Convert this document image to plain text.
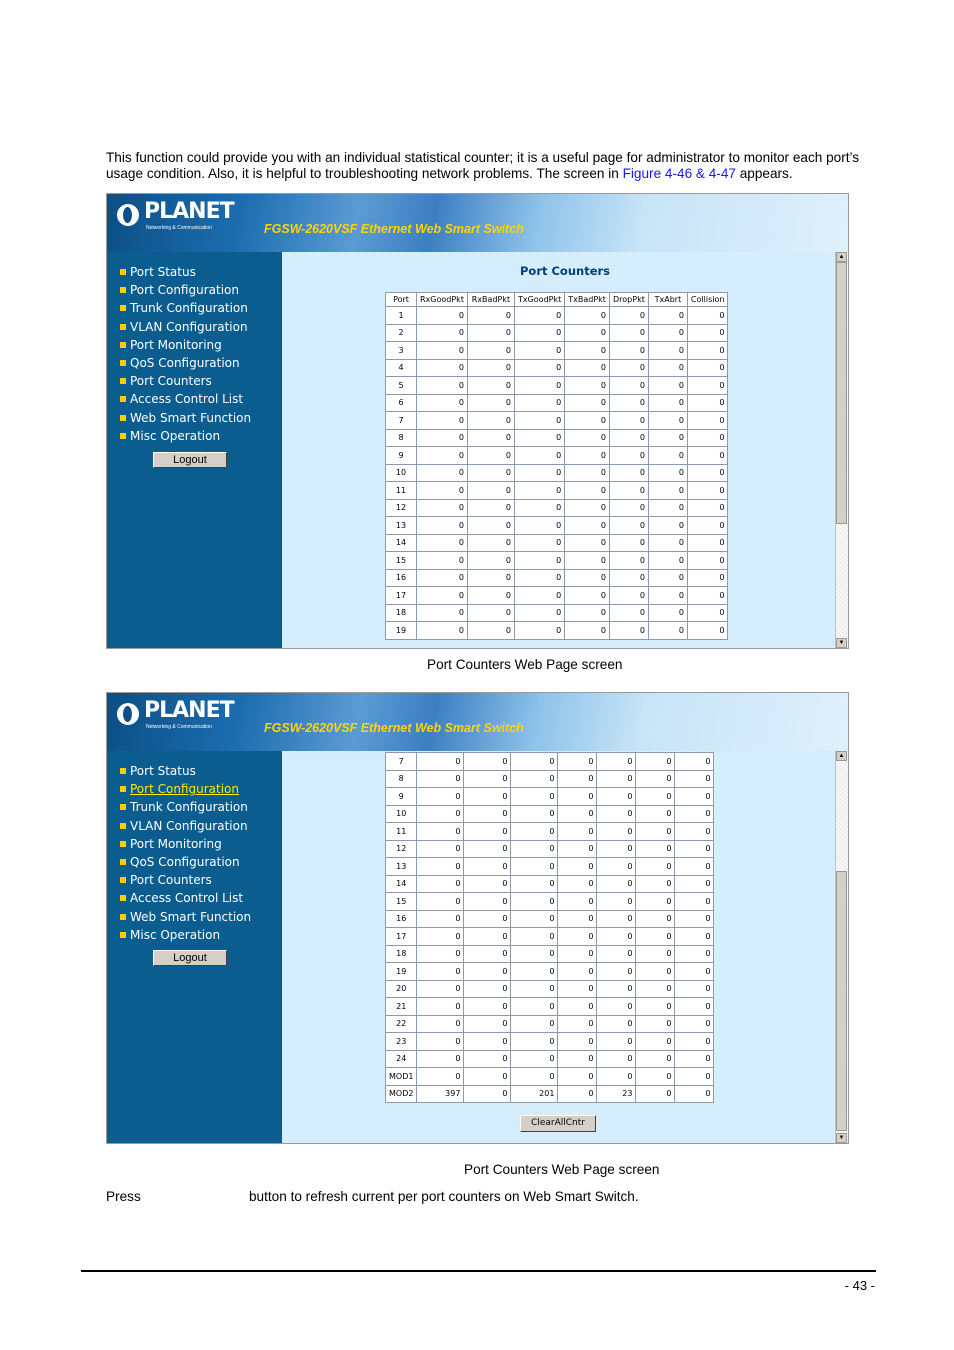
This function could provide you with an individual statistical counter; it is a useful page for administrator to monitor each port’s usage condition. Also, it is helpful to troubleshooting network problems. The screen in Figure 4-46 & 4-47 appears.
PLANET
Networking & Communication	FGSW-2620VSF Ethernet Web Smart Switch
Port Status
Port Configuration
Trunk Configuration
VLAN Configuration
Port Monitoring
QoS Configuration
Port Counters
Access Control List
Web Smart Function
Misc Operation
Logout
Port Counters
Port	RxGoodPkt	RxBadPkt	TxGoodPkt	TxBadPkt	DropPkt	TxAbrt	Collision
1	0	0	0	0	0	0	0
2	0	0	0	0	0	0	0
3	0	0	0	0	0	0	0
4	0	0	0	0	0	0	0
5	0	0	0	0	0	0	0
6	0	0	0	0	0	0	0
7	0	0	0	0	0	0	0
8	0	0	0	0	0	0	0
9	0	0	0	0	0	0	0
10	0	0	0	0	0	0	0
11	0	0	0	0	0	0	0
12	0	0	0	0	0	0	0
13	0	0	0	0	0	0	0
14	0	0	0	0	0	0	0
15	0	0	0	0	0	0	0
16	0	0	0	0	0	0	0
17	0	0	0	0	0	0	0
18	0	0	0	0	0	0	0
19	0	0	0	0	0	0	0
▲
▼
Port Counters Web Page screen
PLANET
Networking & Communication	FGSW-2620VSF Ethernet Web Smart Switch
Port Status
Port Configuration
Trunk Configuration
VLAN Configuration
Port Monitoring
QoS Configuration
Port Counters
Access Control List
Web Smart Function
Misc Operation
Logout
7	0	0	0	0	0	0	0
8	0	0	0	0	0	0	0
9	0	0	0	0	0	0	0
10	0	0	0	0	0	0	0
11	0	0	0	0	0	0	0
12	0	0	0	0	0	0	0
13	0	0	0	0	0	0	0
14	0	0	0	0	0	0	0
15	0	0	0	0	0	0	0
16	0	0	0	0	0	0	0
17	0	0	0	0	0	0	0
18	0	0	0	0	0	0	0
19	0	0	0	0	0	0	0
20	0	0	0	0	0	0	0
21	0	0	0	0	0	0	0
22	0	0	0	0	0	0	0
23	0	0	0	0	0	0	0
24	0	0	0	0	0	0	0
MOD1	0	0	0	0	0	0	0
MOD2	397	0	201	0	23	0	0
ClearAllCntr
▲
▼
Port Counters Web Page screen
Press	button to refresh current per port counters on Web Smart Switch.
- 43 -
